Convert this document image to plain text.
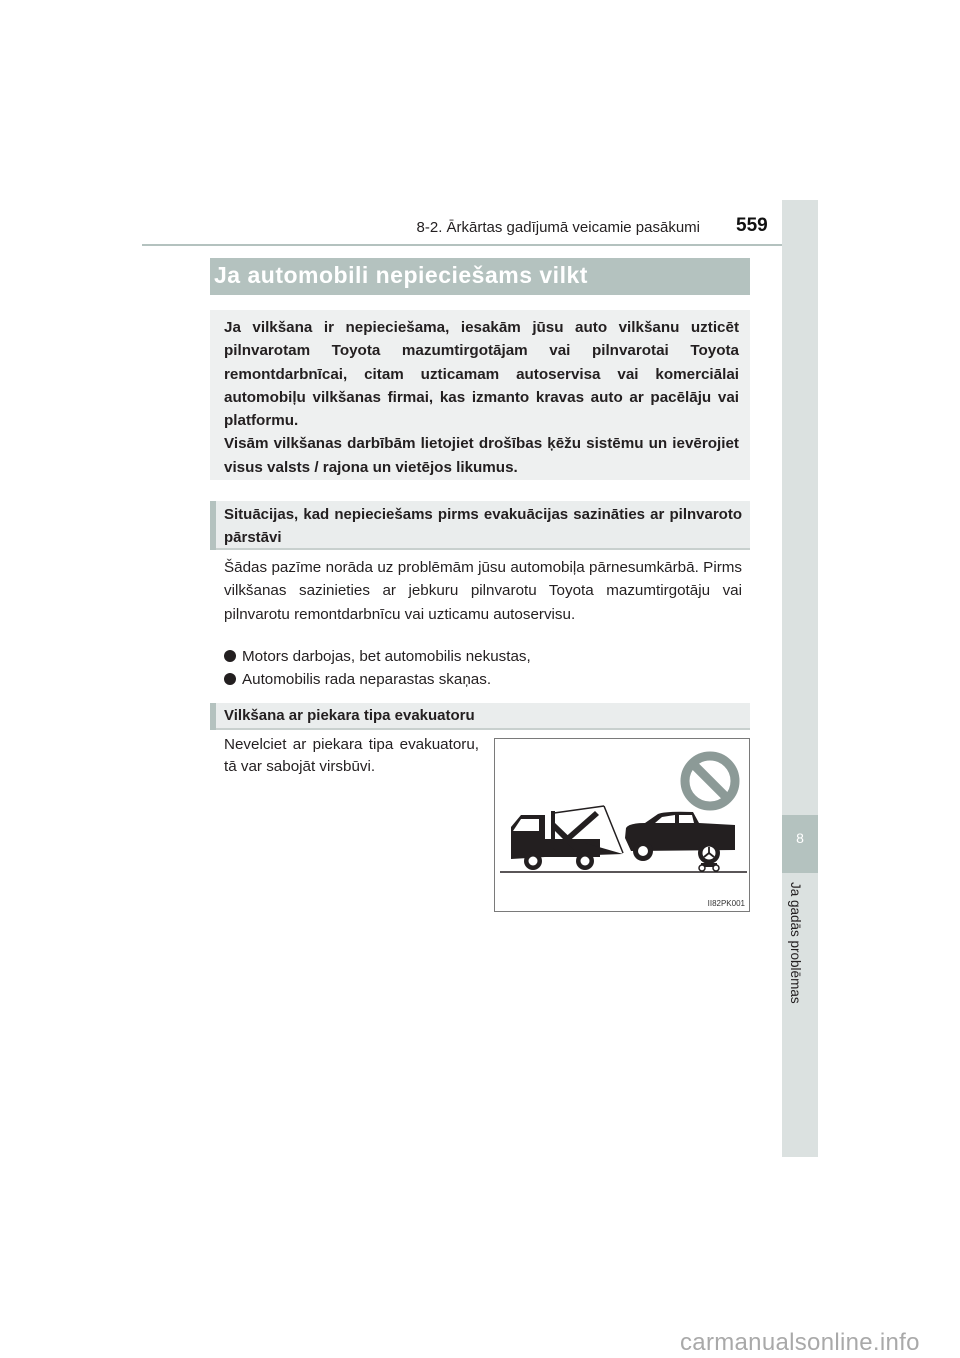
8-2. Ārkārtas gadījumā veicamie pasākumi 559
8
Ja gadās problēmas
Ja automobili nepieciešams vilkt

Ja vilkšana ir nepieciešama, iesakām jūsu auto vilkšanu uzticēt pilnvarotam Toyota mazumtirgotājam vai pilnvarotai Toyota remontdarbnīcai, citam uzticamam autoservisa vai komerciālai automobiļu vilkšanas firmai, kas izmanto kravas auto ar pacēlāju vai platformu.

Visām vilkšanas darbībām lietojiet drošības ķēžu sistēmu un ievērojiet visus valsts / rajona un vietējos likumus.

Situācijas, kad nepieciešams pirms evakuācijas sazināties ar pilnvaroto pārstāvi
Šādas pazīme norāda uz problēmām jūsu automobiļa pārnesumkārbā. Pirms vilkšanas sazinieties ar jebkuru pilnvarotu Toyota mazumtirgotāju vai pilnvarotu remontdarbnīcu vai uzticamu autoservisu.
Motors darbojas, bet automobilis nekustas,
Automobilis rada neparastas skaņas.
Vilkšana ar piekara tipa evakuatoru
Nevelciet ar piekara tipa evakuatoru, tā var sabojāt virsbūvi.
II82PK001
carmanualsonline.info
